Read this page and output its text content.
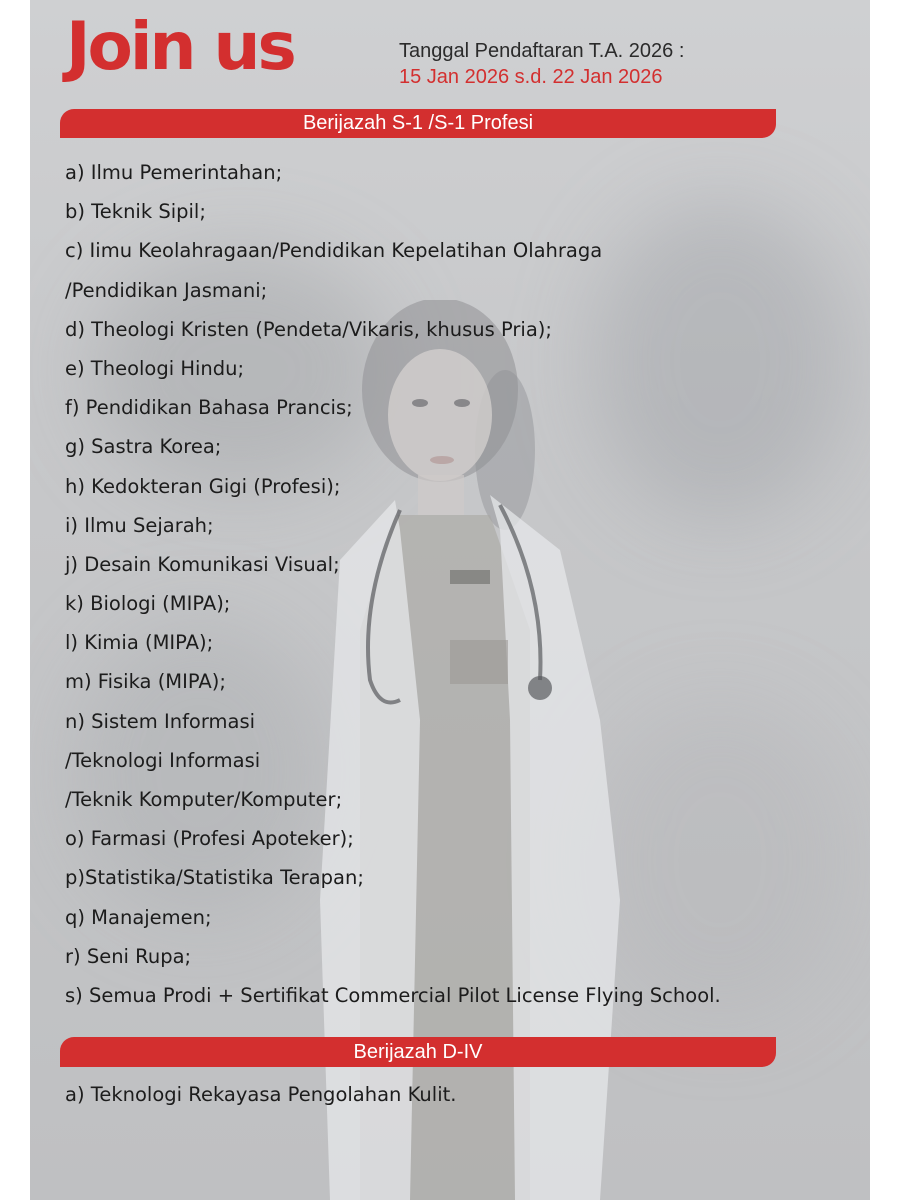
Join us	Tanggal Pendaftaran T.A. 2026 :
15 Jan 2026 s.d. 22 Jan 2026
Berijazah S-1 /S-1 Profesi
a) Ilmu Pemerintahan;
b) Teknik Sipil;
c) Iimu Keolahragaan/Pendidikan Kepelatihan Olahraga
/Pendidikan Jasmani;
d) Theologi Kristen (Pendeta/Vikaris, khusus Pria);
e) Theologi Hindu;
f) Pendidikan Bahasa Prancis;
g) Sastra Korea;
h) Kedokteran Gigi (Profesi);
i) Ilmu Sejarah;
j) Desain Komunikasi Visual;
k) Biologi (MIPA);
l) Kimia (MIPA);
m) Fisika (MIPA);
n) Sistem Informasi
/Teknologi Informasi
/Teknik Komputer/Komputer;
o) Farmasi (Profesi Apoteker);
p)Statistika/Statistika Terapan;
q) Manajemen;
r) Seni Rupa;
s) Semua Prodi + Sertifikat Commercial Pilot License Flying School.
Berijazah D-IV
a) Teknologi Rekayasa Pengolahan Kulit.
